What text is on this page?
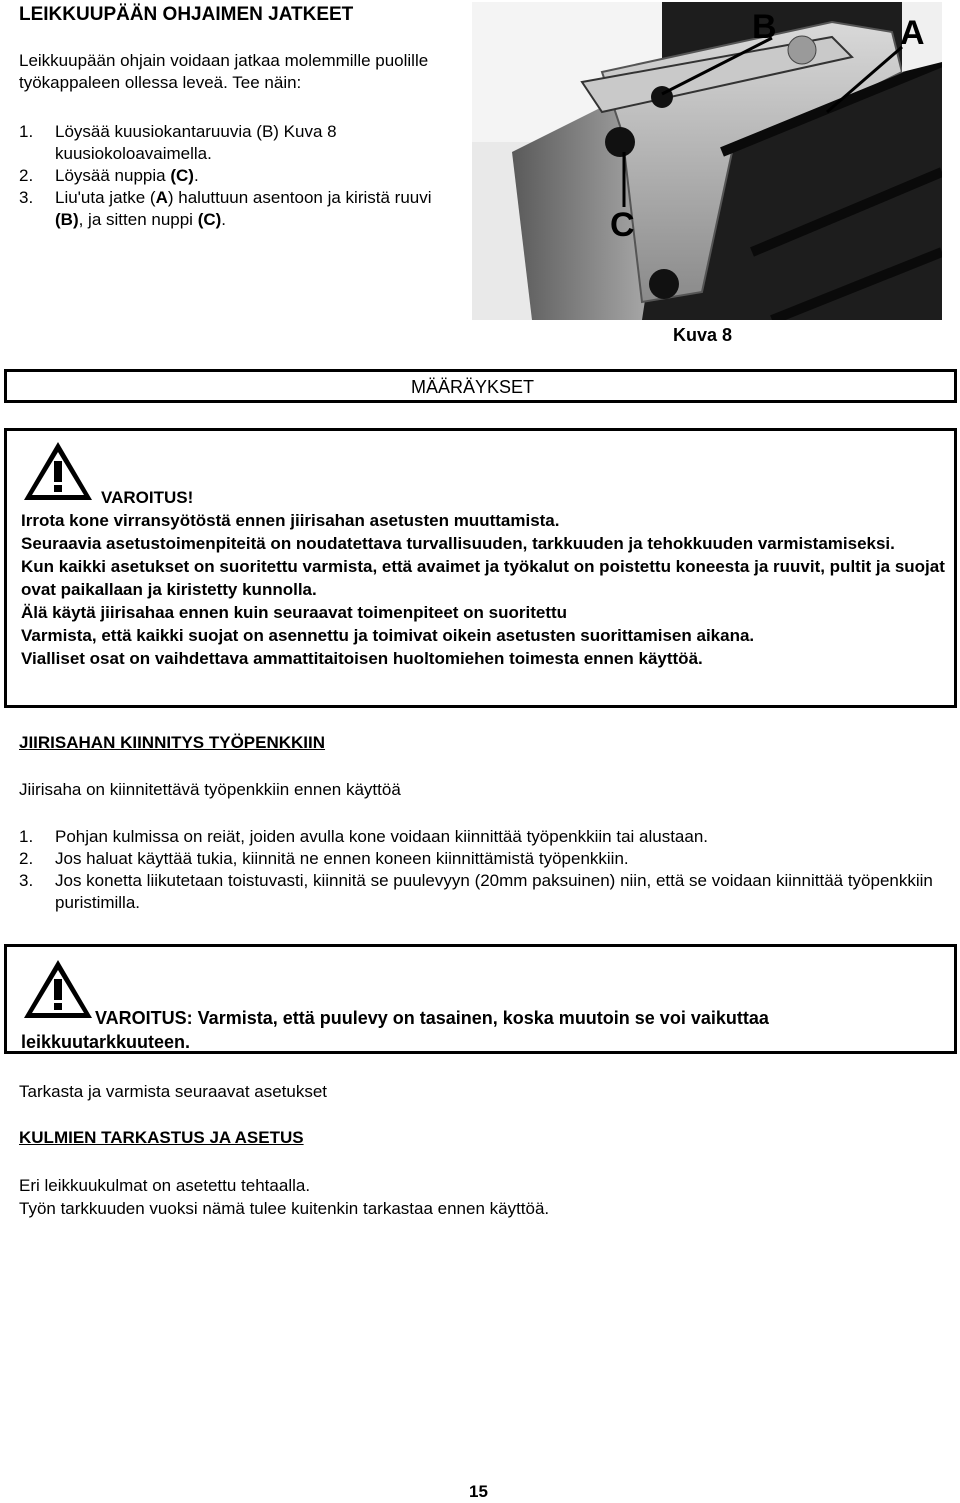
LEIKKUUPÄÄN OHJAIMEN JATKEET
Leikkuupään ohjain voidaan jatkaa molemmille puolille työkappaleen ollessa leveä. Tee näin:
1. Löysää kuusiokantaruuvia (B) Kuva 8 kuusiokoloavaimella.
2. Löysää nuppia (C).
3. Liu'uta jatke (A) haluttuun asentoon ja kiristä ruuvi (B), ja sitten nuppi (C).
B	A
C
Kuva 8
MÄÄRÄYKSET
VAROITUS!
Irrota kone virransyötöstä ennen jiirisahan asetusten muuttamista.
Seuraavia asetustoimenpiteitä on noudatettava turvallisuuden, tarkkuuden ja tehokkuuden varmistamiseksi.
Kun kaikki asetukset on suoritettu varmista, että avaimet ja työkalut on poistettu koneesta ja ruuvit, pultit ja suojat ovat paikallaan ja kiristetty kunnolla.
Älä käytä jiirisahaa ennen kuin seuraavat toimenpiteet on suoritettu
Varmista, että kaikki suojat on asennettu ja toimivat oikein asetusten suorittamisen aikana.
Vialliset osat on vaihdettava ammattitaitoisen huoltomiehen toimesta ennen käyttöä.
JIIRISAHAN KIINNITYS TYÖPENKKIIN
Jiirisaha on kiinnitettävä työpenkkiin ennen käyttöä
1. Pohjan kulmissa on reiät, joiden avulla kone voidaan kiinnittää työpenkkiin tai alustaan.
2. Jos haluat käyttää tukia, kiinnitä ne ennen koneen kiinnittämistä työpenkkiin.
3. Jos konetta liikutetaan toistuvasti, kiinnitä se puulevyyn (20mm paksuinen) niin, että se voidaan kiinnittää työpenkkiin puristimilla.
VAROITUS: Varmista, että puulevy on tasainen, koska muutoin se voi vaikuttaa leikkuutarkkuuteen.
Tarkasta ja varmista seuraavat asetukset
KULMIEN TARKASTUS JA ASETUS
Eri leikkuukulmat on asetettu tehtaalla.
Työn tarkkuuden vuoksi nämä tulee kuitenkin tarkastaa ennen käyttöä.
15
